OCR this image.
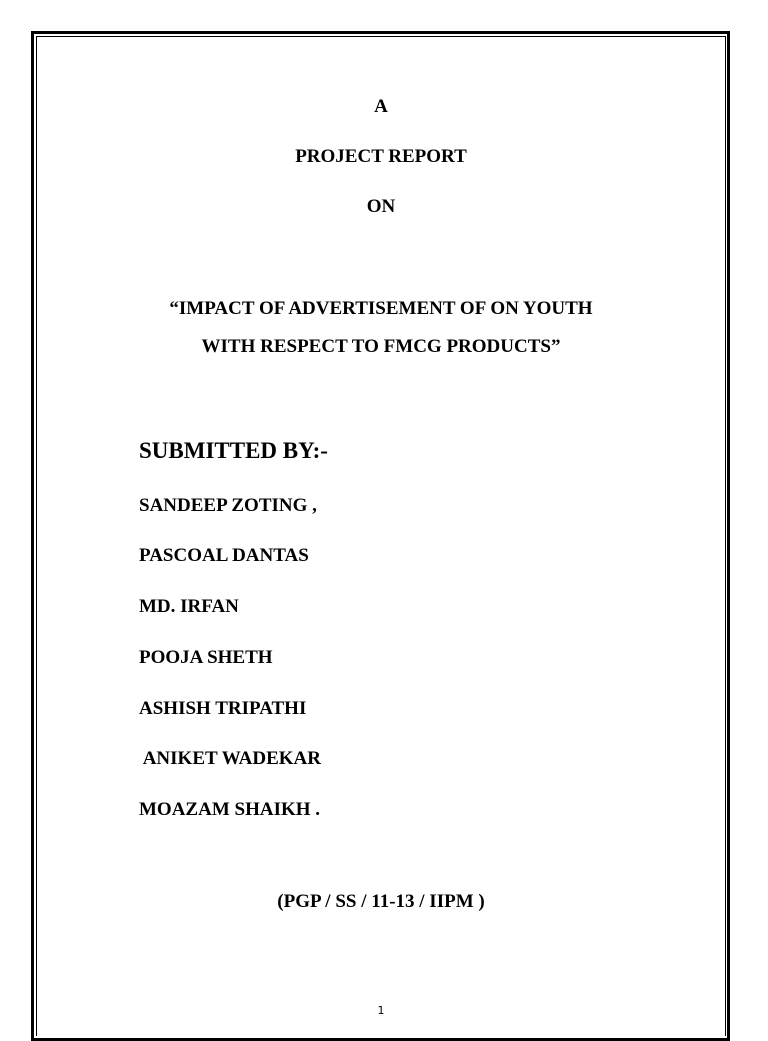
A
PROJECT REPORT
ON
“IMPACT OF ADVERTISEMENT OF ON YOUTH
WITH RESPECT TO FMCG PRODUCTS”
SUBMITTED BY:-
SANDEEP ZOTING ,
PASCOAL DANTAS
MD. IRFAN
POOJA SHETH
ASHISH TRIPATHI
ANIKET WADEKAR
MOAZAM SHAIKH .
(PGP / SS / 11-13 / IIPM )
1
